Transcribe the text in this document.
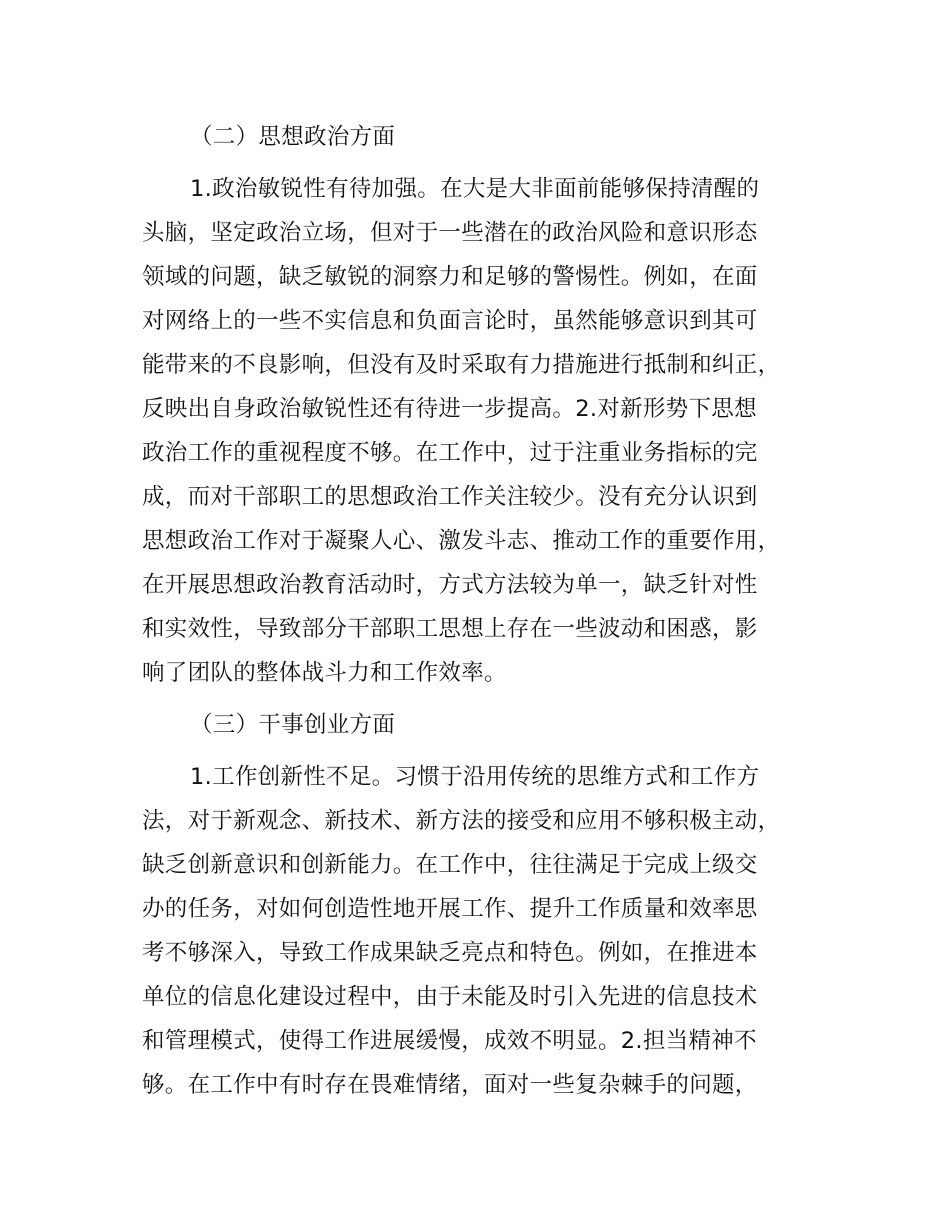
（二）思想政治方面
1.政治敏锐性有待加强。在大是大非面前能够保持清醒的
头脑，坚定政治立场，但对于一些潜在的政治风险和意识形态
领域的问题，缺乏敏锐的洞察力和足够的警惕性。例如，在面
对网络上的一些不实信息和负面言论时，虽然能够意识到其可
能带来的不良影响，但没有及时采取有力措施进行抵制和纠正，
反映出自身政治敏锐性还有待进一步提高。2.对新形势下思想
政治工作的重视程度不够。在工作中，过于注重业务指标的完
成，而对干部职工的思想政治工作关注较少。没有充分认识到
思想政治工作对于凝聚人心、激发斗志、推动工作的重要作用，
在开展思想政治教育活动时，方式方法较为单一，缺乏针对性
和实效性，导致部分干部职工思想上存在一些波动和困惑，影
响了团队的整体战斗力和工作效率。
（三）干事创业方面
1.工作创新性不足。习惯于沿用传统的思维方式和工作方
法，对于新观念、新技术、新方法的接受和应用不够积极主动，
缺乏创新意识和创新能力。在工作中，往往满足于完成上级交
办的任务，对如何创造性地开展工作、提升工作质量和效率思
考不够深入，导致工作成果缺乏亮点和特色。例如，在推进本
单位的信息化建设过程中，由于未能及时引入先进的信息技术
和管理模式，使得工作进展缓慢，成效不明显。2.担当精神不
够。在工作中有时存在畏难情绪，面对一些复杂棘手的问题，
